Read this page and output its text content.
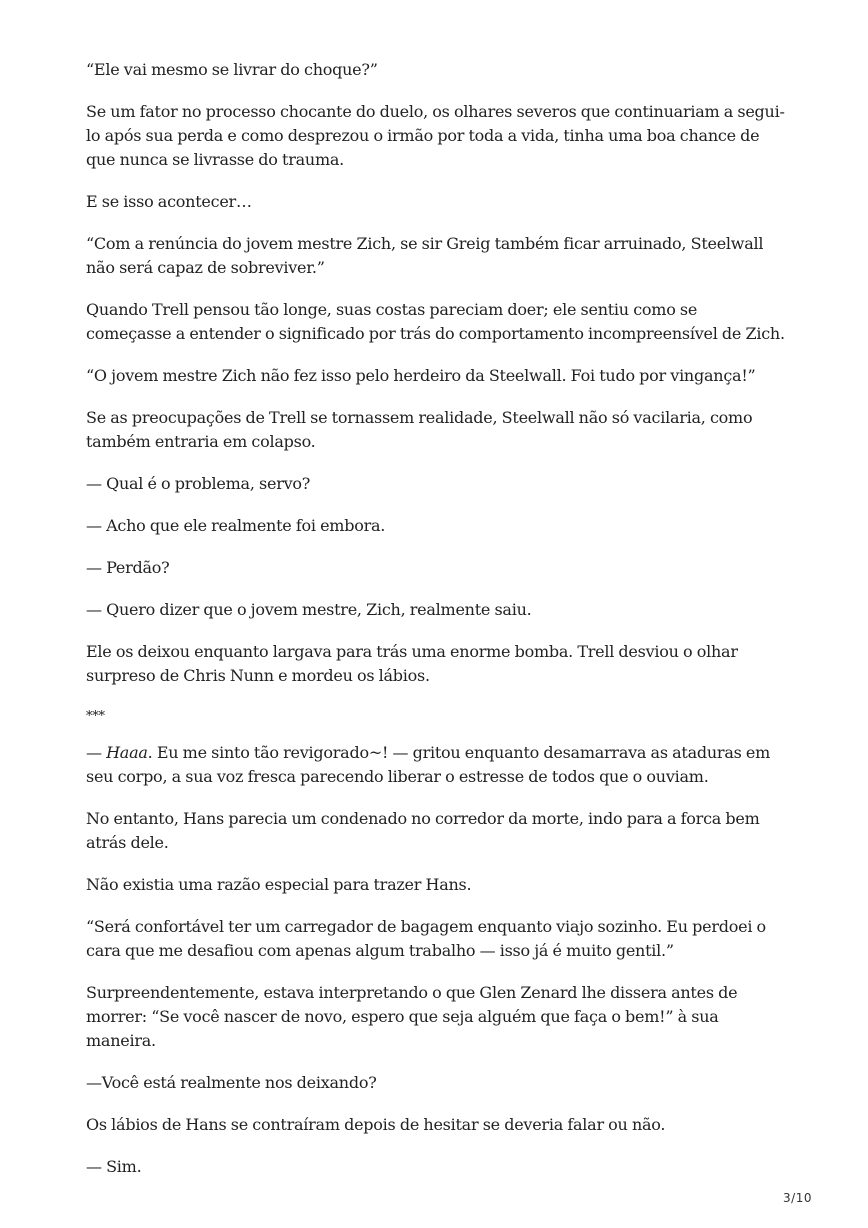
“Ele vai mesmo se livrar do choque?”

Se um fator no processo chocante do duelo, os olhares severos que continuariam a segui-lo após sua perda e como desprezou o irmão por toda a vida, tinha uma boa chance de que nunca se livrasse do trauma.

E se isso acontecer…

“Com a renúncia do jovem mestre Zich, se sir Greig também ficar arruinado, Steelwall não será capaz de sobreviver.”

Quando Trell pensou tão longe, suas costas pareciam doer; ele sentiu como se começasse a entender o significado por trás do comportamento incompreensível de Zich.

“O jovem mestre Zich não fez isso pelo herdeiro da Steelwall. Foi tudo por vingança!”

Se as preocupações de Trell se tornassem realidade, Steelwall não só vacilaria, como também entraria em colapso.

— Qual é o problema, servo?

— Acho que ele realmente foi embora.

— Perdão?

— Quero dizer que o jovem mestre, Zich, realmente saiu.

Ele os deixou enquanto largava para trás uma enorme bomba. Trell desviou o olhar surpreso de Chris Nunn e mordeu os lábios.

***

— Haaa. Eu me sinto tão revigorado~! — gritou enquanto desamarrava as ataduras em seu corpo, a sua voz fresca parecendo liberar o estresse de todos que o ouviam.

No entanto, Hans parecia um condenado no corredor da morte, indo para a forca bem atrás dele.

Não existia uma razão especial para trazer Hans.

“Será confortável ter um carregador de bagagem enquanto viajo sozinho. Eu perdoei o cara que me desafiou com apenas algum trabalho — isso já é muito gentil.”

Surpreendentemente, estava interpretando o que Glen Zenard lhe dissera antes de morrer: “Se você nascer de novo, espero que seja alguém que faça o bem!” à sua maneira.

—Você está realmente nos deixando?

Os lábios de Hans se contraíram depois de hesitar se deveria falar ou não.

— Sim.

3/10
